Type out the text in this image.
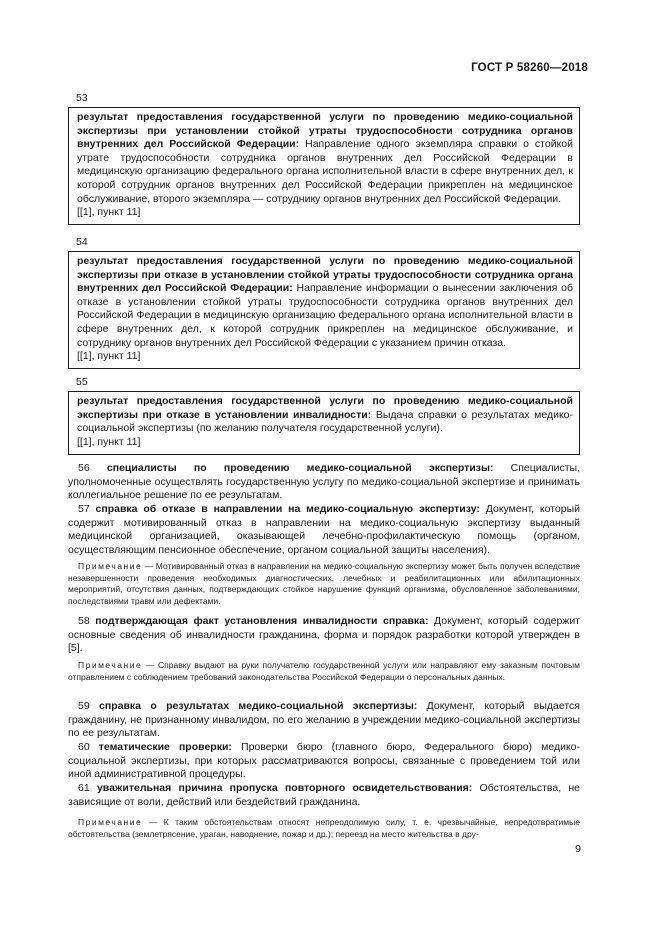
ГОСТ Р 58260—2018
53

результат предоставления государственной услуги по проведению медико-социальной экспертизы при установлении стойкой утраты трудоспособности сотрудника органов внутренних дел Российской Федерации: Направление одного экземпляра справки о стойкой утрате трудоспособности сотрудника органов внутренних дел Российской Федерации в медицинскую организацию федерального органа исполнительной власти в сфере внутренних дел, к которой сотрудник органов внутренних дел Российской Федерации прикреплен на медицинское обслуживание, второго экземпляра — сотруднику органов внутренних дел Российской Федерации.

[[1], пункт 11]

54

результат предоставления государственной услуги по проведению медико-социальной экспертизы при отказе в установлении стойкой утраты трудоспособности сотрудника органа внутренних дел Российской Федерации: Направление информации о вынесении заключения об отказе в установлении стойкой утраты трудоспособности сотрудника органов внутренних дел Российской Федерации в медицинскую организацию федерального органа исполнительной власти в сфере внутренних дел, к которой сотрудник прикреплен на медицинское обслуживание, и сотруднику органов внутренних дел Российской Федерации с указанием причин отказа.

[[1], пункт 11]

55

результат предоставления государственной услуги по проведению медико-социальной экспертизы при отказе в установлении инвалидности: Выдача справки о результатах медико-социальной экспертизы (по желанию получателя государственной услуги).

[[1], пункт 11]

56 специалисты по проведению медико-социальной экспертизы: Специалисты, уполномоченные осуществлять государственную услугу по медико-социальной экспертизе и принимать коллегиальное решение по ее результатам.

57 справка об отказе в направлении на медико-социальную экспертизу: Документ, который содержит мотивированный отказ в направлении на медико-социальную экспертизу выданный медицинской организацией, оказывающей лечебно-профилактическую помощь (органом, осуществляющим пенсионное обеспечение, органом социальной защиты населения).

Примечание — Мотивированный отказ в направлении на медико-социальную экспертизу может быть получен вследствие незавершенности проведения необходимых диагностических, лечебных и реабилитационных или абилитационных мероприятий, отсутствия данных, подтверждающих стойкое нарушение функций организма, обусловленное заболеваниями, последствиями травм или дефектами.

58 подтверждающая факт установления инвалидности справка: Документ, который содержит основные сведения об инвалидности гражданина, форма и порядок разработки которой утвержден в [5].

Примечание — Справку выдают на руки получателю государственной услуги или направляют ему заказным почтовым отправлением с соблюдением требований законодательства Российской Федерации о персональных данных.

59 справка о результатах медико-социальной экспертизы: Документ, который выдается гражданину, не признанному инвалидом, по его желанию в учреждении медико-социальной экспертизы по ее результатам.

60 тематические проверки: Проверки бюро (главного бюро, Федерального бюро) медико-социальной экспертизы, при которых рассматриваются вопросы, связанные с проведением той или иной административной процедуры.

61 уважительная причина пропуска повторного освидетельствования: Обстоятельства, не зависящие от воли, действий или бездействий гражданина.

Примечание — К таким обстоятельствам относят непреодолимую силу, т. е. чрезвычайные, непредотвратимые обстоятельства (землетрясение, ураган, наводнение, пожар и др.); переезд на место жительства в дру-

9
